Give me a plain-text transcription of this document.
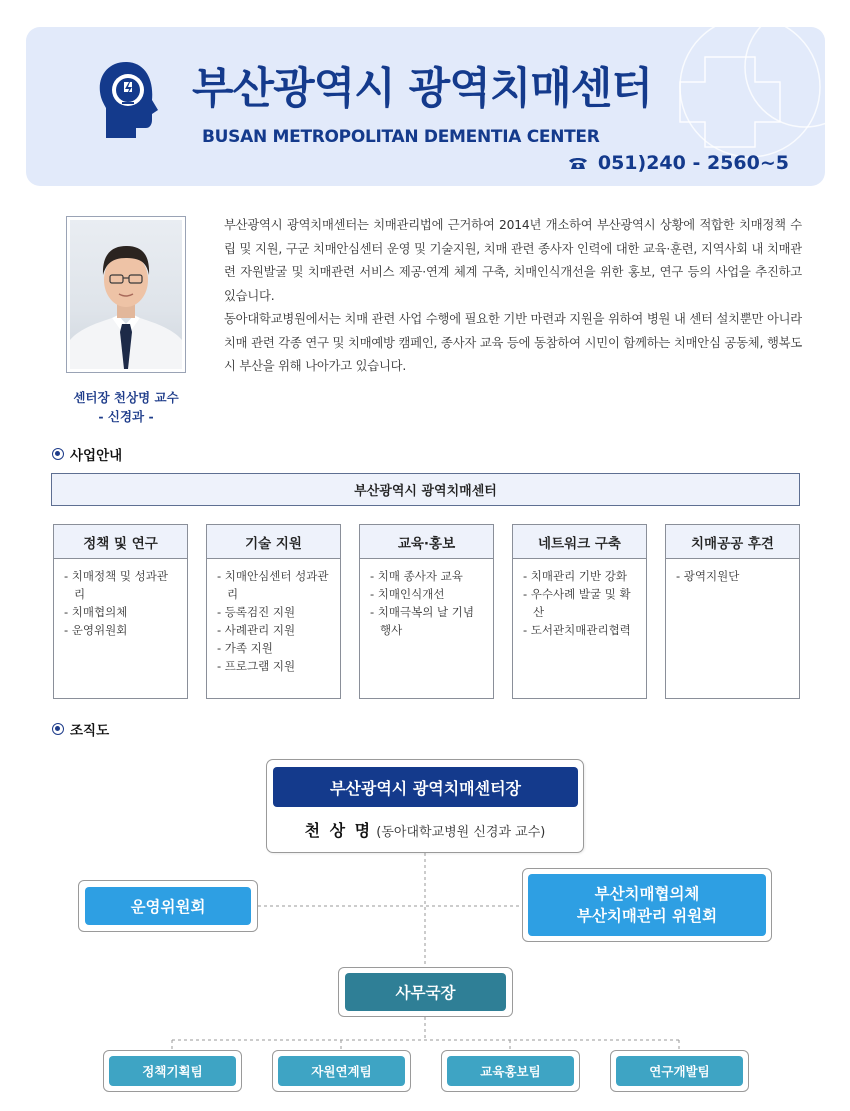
부산광역시 광역치매센터
BUSAN METROPOLITAN DEMENTIA CENTER
051)240 - 2560~5
센터장 천상명 교수
- 신경과 -

부산광역시 광역치매센터는 치매관리법에 근거하여 2014년 개소하여 부산광역시 상황에 적합한 치매정책 수립 및 지원, 구군 치매안심센터 운영 및 기술지원, 치매 관련 종사자 인력에 대한 교육·훈련, 지역사회 내 치매관련 자원발굴 및 치매관련 서비스 제공·연계 체계 구축, 치매인식개선을 위한 홍보, 연구 등의 사업을 추진하고 있습니다.

동아대학교병원에서는 치매 관련 사업 수행에 필요한 기반 마련과 지원을 위하여 병원 내 센터 설치뿐만 아니라 치매 관련 각종 연구 및 치매예방 캠페인, 종사자 교육 등에 동참하여 시민이 함께하는 치매안심 공동체, 행복도시 부산을 위해 나아가고 있습니다.

사업안내
부산광역시 광역치매센터
정책 및 연구
- 치매정책 및 성과관리
- 치매협의체
- 운영위원회
기술 지원
- 치매안심센터 성과관리
- 등록검진 지원
- 사례관리 지원
- 가족 지원
- 프로그램 지원
교육·홍보
- 치매 종사자 교육
- 치매인식개선
- 치매극복의 날 기념 행사
네트워크 구축
- 치매관리 기반 강화
- 우수사례 발굴 및 확산
- 도서관치매관리협력
치매공공 후견
- 광역지원단
조직도
부산광역시 광역치매센터장
천 상 명 (동아대학교병원 신경과 교수)
운영위원회
부산치매협의체
부산치매관리 위원회
사무국장
정책기획팀	자원연계팀	교육홍보팀	연구개발팀
